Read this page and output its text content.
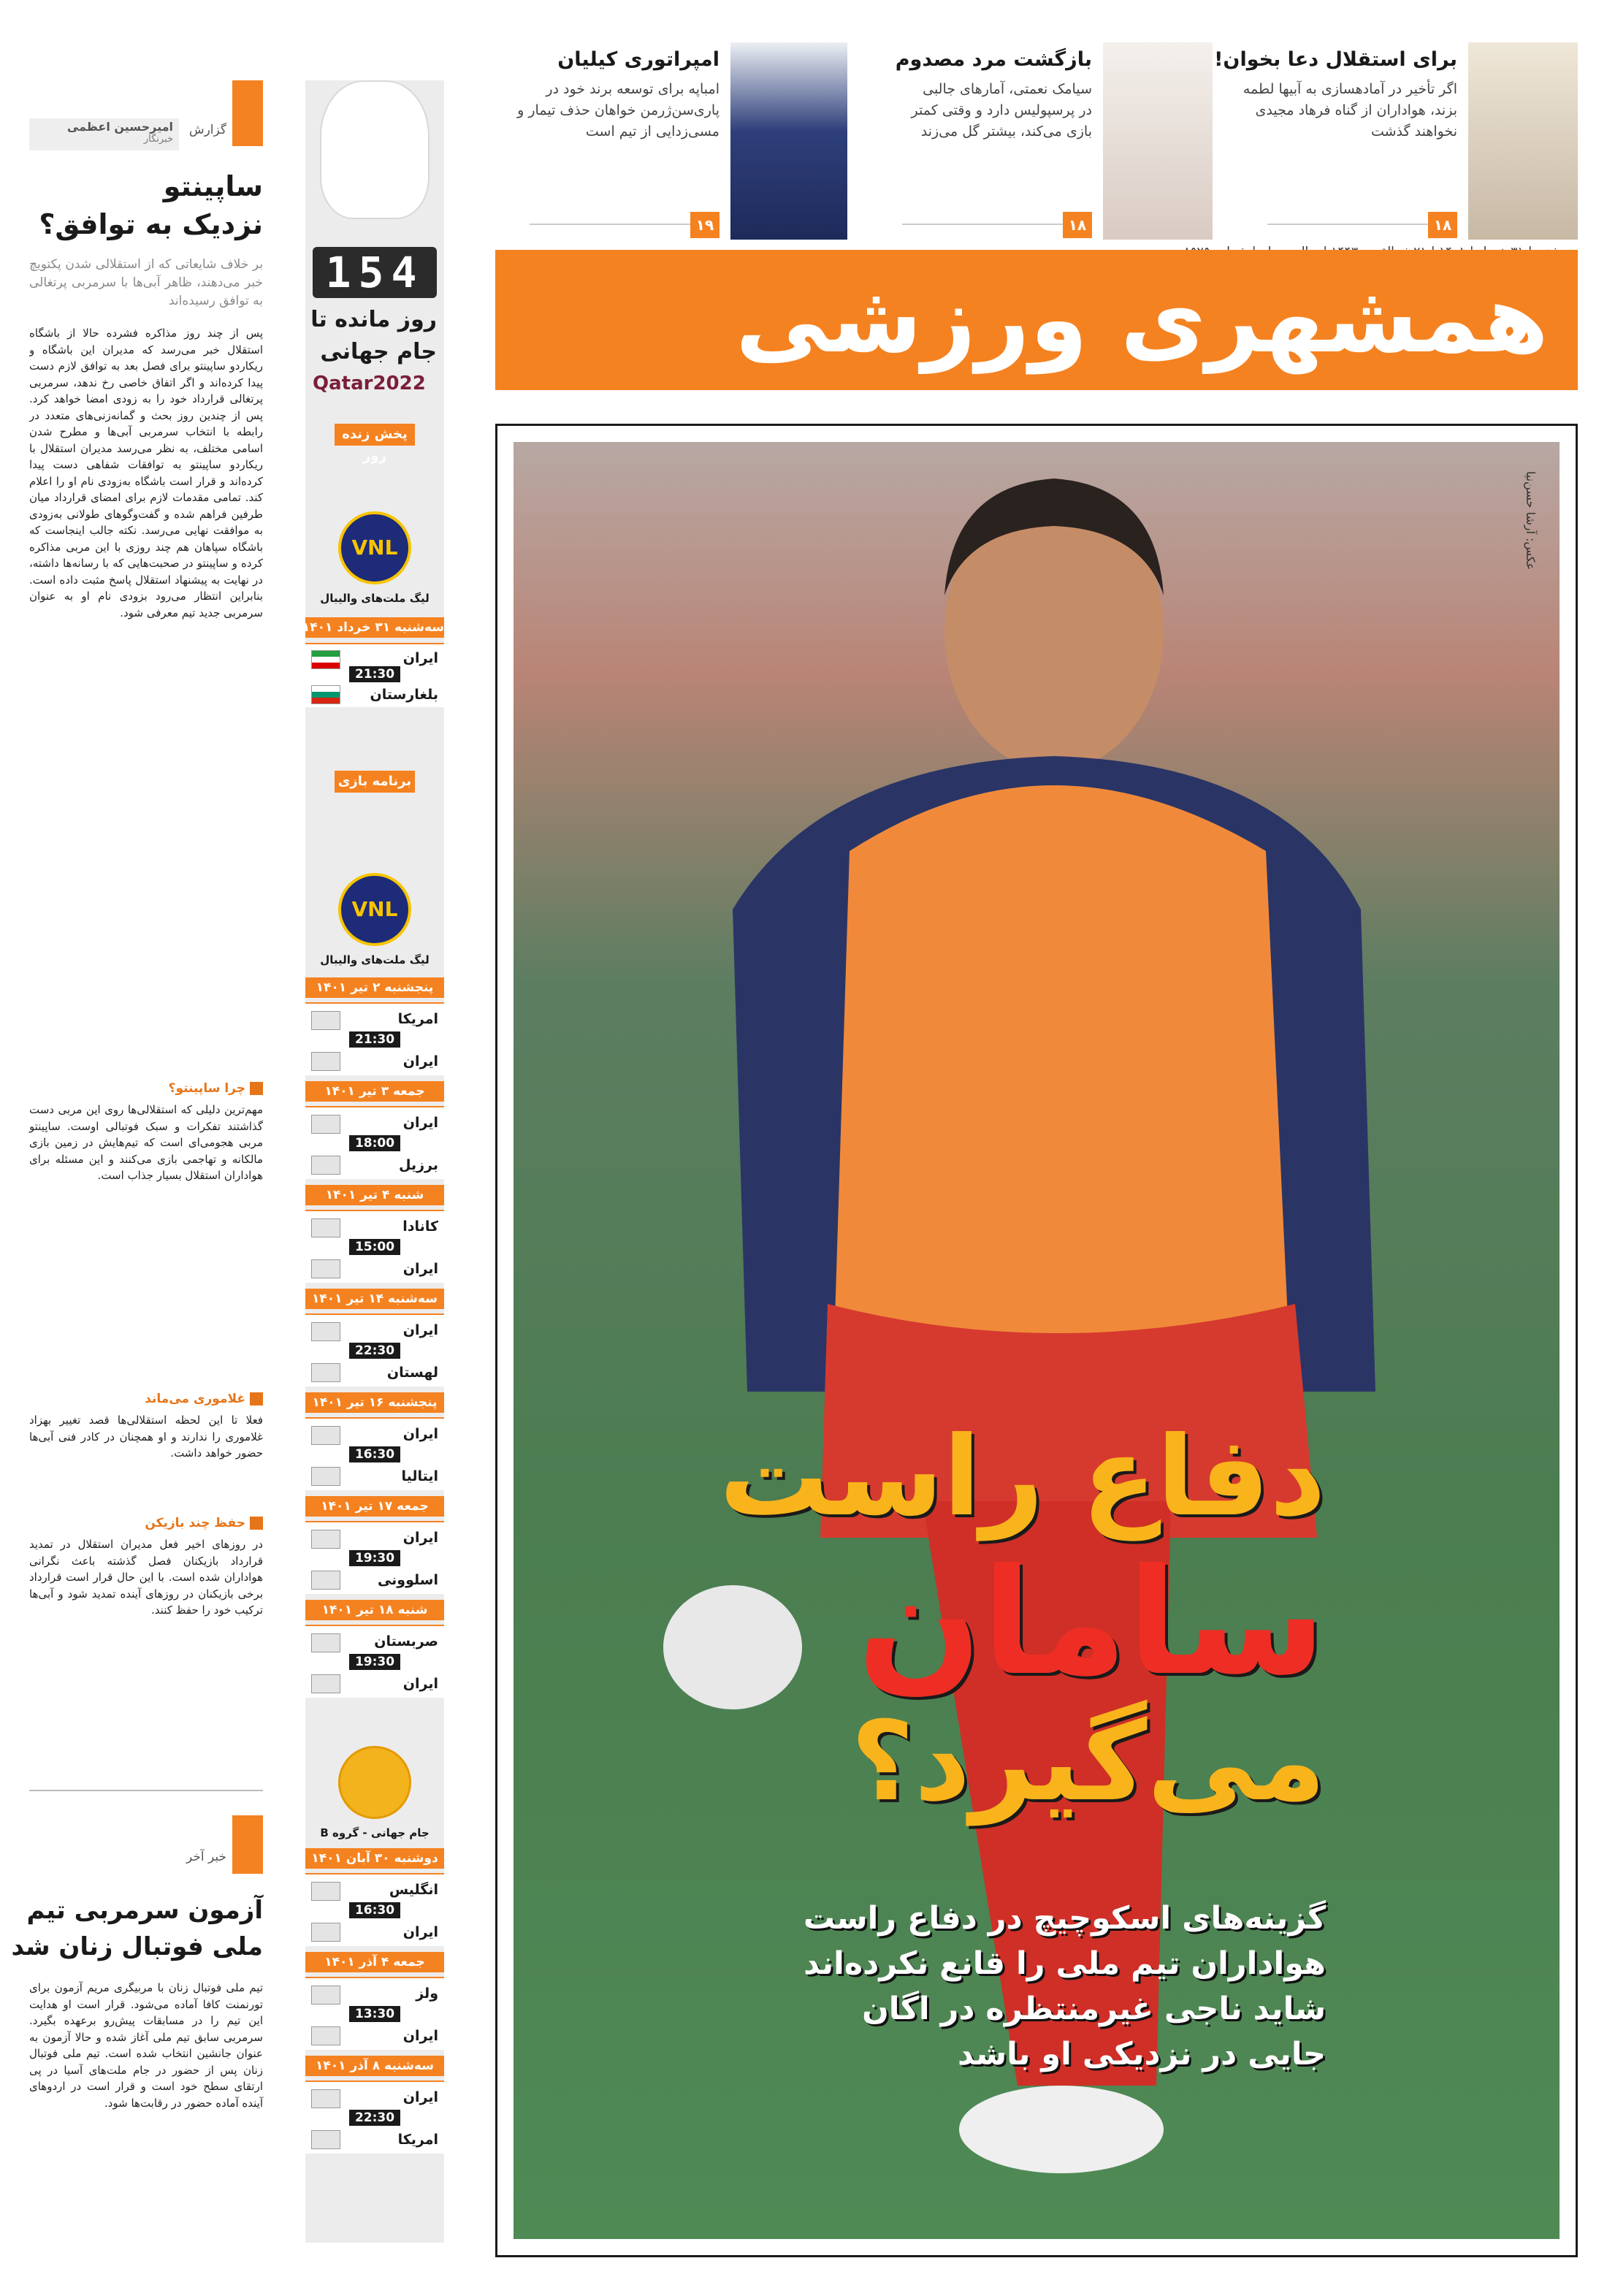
برای استقلال دعا بخوان!
اگر تأخیر در آمادهسازی به آبیها لطمه
بزند، هواداران از گناه فرهاد مجیدی
نخواهند گذشت
۱۸
بازگشت مرد مصدوم
سیامک نعمتی، آمارهای جالبی
در پرسپولیس دارد و وقتی کمتر
بازی می‌کند، بیشتر گل می‌زند
۱۸
امپراتوری کیلیان
امباپه برای توسعه برند خود در
پاری‌سن‌ژرمن خواهان حذف تیمار و
مسی‌زدایی از تیم است
۱۹
همشهری ورزشی
عکس: آرشا حسن‌نیا
دفاع راست
سامان
می‌گیرد؟
گزینه‌های اسکوچیچ در دفاع راست
هواداران تیم ملی را قانع نکرده‌اند
شاید ناجی غیرمنتظره در اگان
جایی در نزدیکی او باشد
154
روز مانده تا
جام جهانی
Qatar2022
پخش زنده روز
VNL
لیگ ملت‌های والیبال
سه‌شنبه ۳۱ خرداد ۱۴۰۱
ایران
21:30
بلغارستان
برنامه بازی
VNL
لیگ ملت‌های والیبال
پنجشنبه ۲ تیر ۱۴۰۱
امریکا
21:30
ایران
جمعه ۳ تیر ۱۴۰۱
ایران
18:00
برزیل
شنبه ۴ تیر ۱۴۰۱
کانادا
15:00
ایران
سه‌شنبه ۱۴ تیر ۱۴۰۱
ایران
22:30
لهستان
پنجشنبه ۱۶ تیر ۱۴۰۱
ایران
16:30
ایتالیا
جمعه ۱۷ تیر ۱۴۰۱
ایران
19:30
اسلوونی
شنبه ۱۸ تیر ۱۴۰۱
صربستان
19:30
ایران
جام جهانی - گروه B
دوشنبه ۳۰ آبان ۱۴۰۱
انگلیس
16:30
ایران
جمعه ۴ آذر ۱۴۰۱
ولز
13:30
ایران
سه‌شنبه ۸ آذر ۱۴۰۱
ایران
22:30
امریکا
گزارش
امیرحسین اعظمی
خبرنگار
ساپینتو
نزدیک به توافق؟
بر خلاف شایعاتی که از استقلالی شدن پکتویچ خبر می‌دهند، ظاهر آبی‌ها با سرمربی پرتغالی به توافق رسیده‌اند
پس از چند روز مذاکره فشرده حالا از باشگاه استقلال خبر می‌رسد که مدیران این باشگاه و ریکاردو ساپینتو برای فصل بعد به توافق لازم دست پیدا کرده‌اند و اگر اتفاق خاصی رخ ندهد، سرمربی پرتغالی قرارداد خود را به زودی امضا خواهد کرد. پس از چندین روز بحث و گمانه‌زنی‌های متعدد در رابطه با انتخاب سرمربی آبی‌ها و مطرح شدن اسامی مختلف، به نظر می‌رسد مدیران استقلال با ریکاردو ساپینتو به توافقات شفاهی دست پیدا کرده‌اند و قرار است باشگاه به‌زودی نام او را اعلام کند. تمامی مقدمات لازم برای امضای قرارداد میان طرفین فراهم شده و گفت‌وگوهای طولانی به‌زودی به موافقت نهایی می‌رسد. نکته جالب اینجاست که باشگاه سپاهان هم چند روزی با این مربی مذاکره کرده و ساپینتو در صحبت‌هایی که با رسانه‌ها داشته، در نهایت به پیشنهاد استقلال پاسخ مثبت داده است. بنابراین انتظار می‌رود بزودی نام او به عنوان سرمربی جدید تیم معرفی شود.
چرا ساپینتو؟
مهم‌ترین دلیلی که استقلالی‌ها روی این مربی دست گذاشتند تفکرات و سبک فوتبالی اوست. ساپینتو مربی هجومی‌ای است که تیم‌هایش در زمین بازی مالکانه و تهاجمی بازی می‌کنند و این مسئله برای هواداران استقلال بسیار جذاب است.
غلاموری می‌ماند
فعلا تا این لحظه استقلالی‌ها قصد تغییر بهزاد غلاموری را ندارند و او همچنان در کادر فنی آبی‌ها حضور خواهد داشت.
حفظ چند بازیکن
در روزهای اخیر فعل مدیران استقلال در تمدید قرارداد بازیکنان فصل گذشته باعث نگرانی هواداران شده است. با این حال قرار است قرارداد برخی بازیکنان در روزهای آینده تمدید شود و آبی‌ها ترکیب خود را حفظ کنند.
خبر آخر
آزمون سرمربی تیم
ملی فوتبال زنان شد
تیم ملی فوتبال زنان با مربیگری مریم آزمون برای تورنمنت کافا آماده می‌شود. قرار است او هدایت این تیم را در مسابقات پیش‌رو برعهده بگیرد. سرمربی سابق تیم ملی آغاز شده و حالا آزمون به عنوان جانشین انتخاب شده است. تیم ملی فوتبال زنان پس از حضور در جام ملت‌های آسیا در پی ارتقای سطح خود است و قرار است در اردوهای آینده آماده حضور در رقابت‌ها شود.
